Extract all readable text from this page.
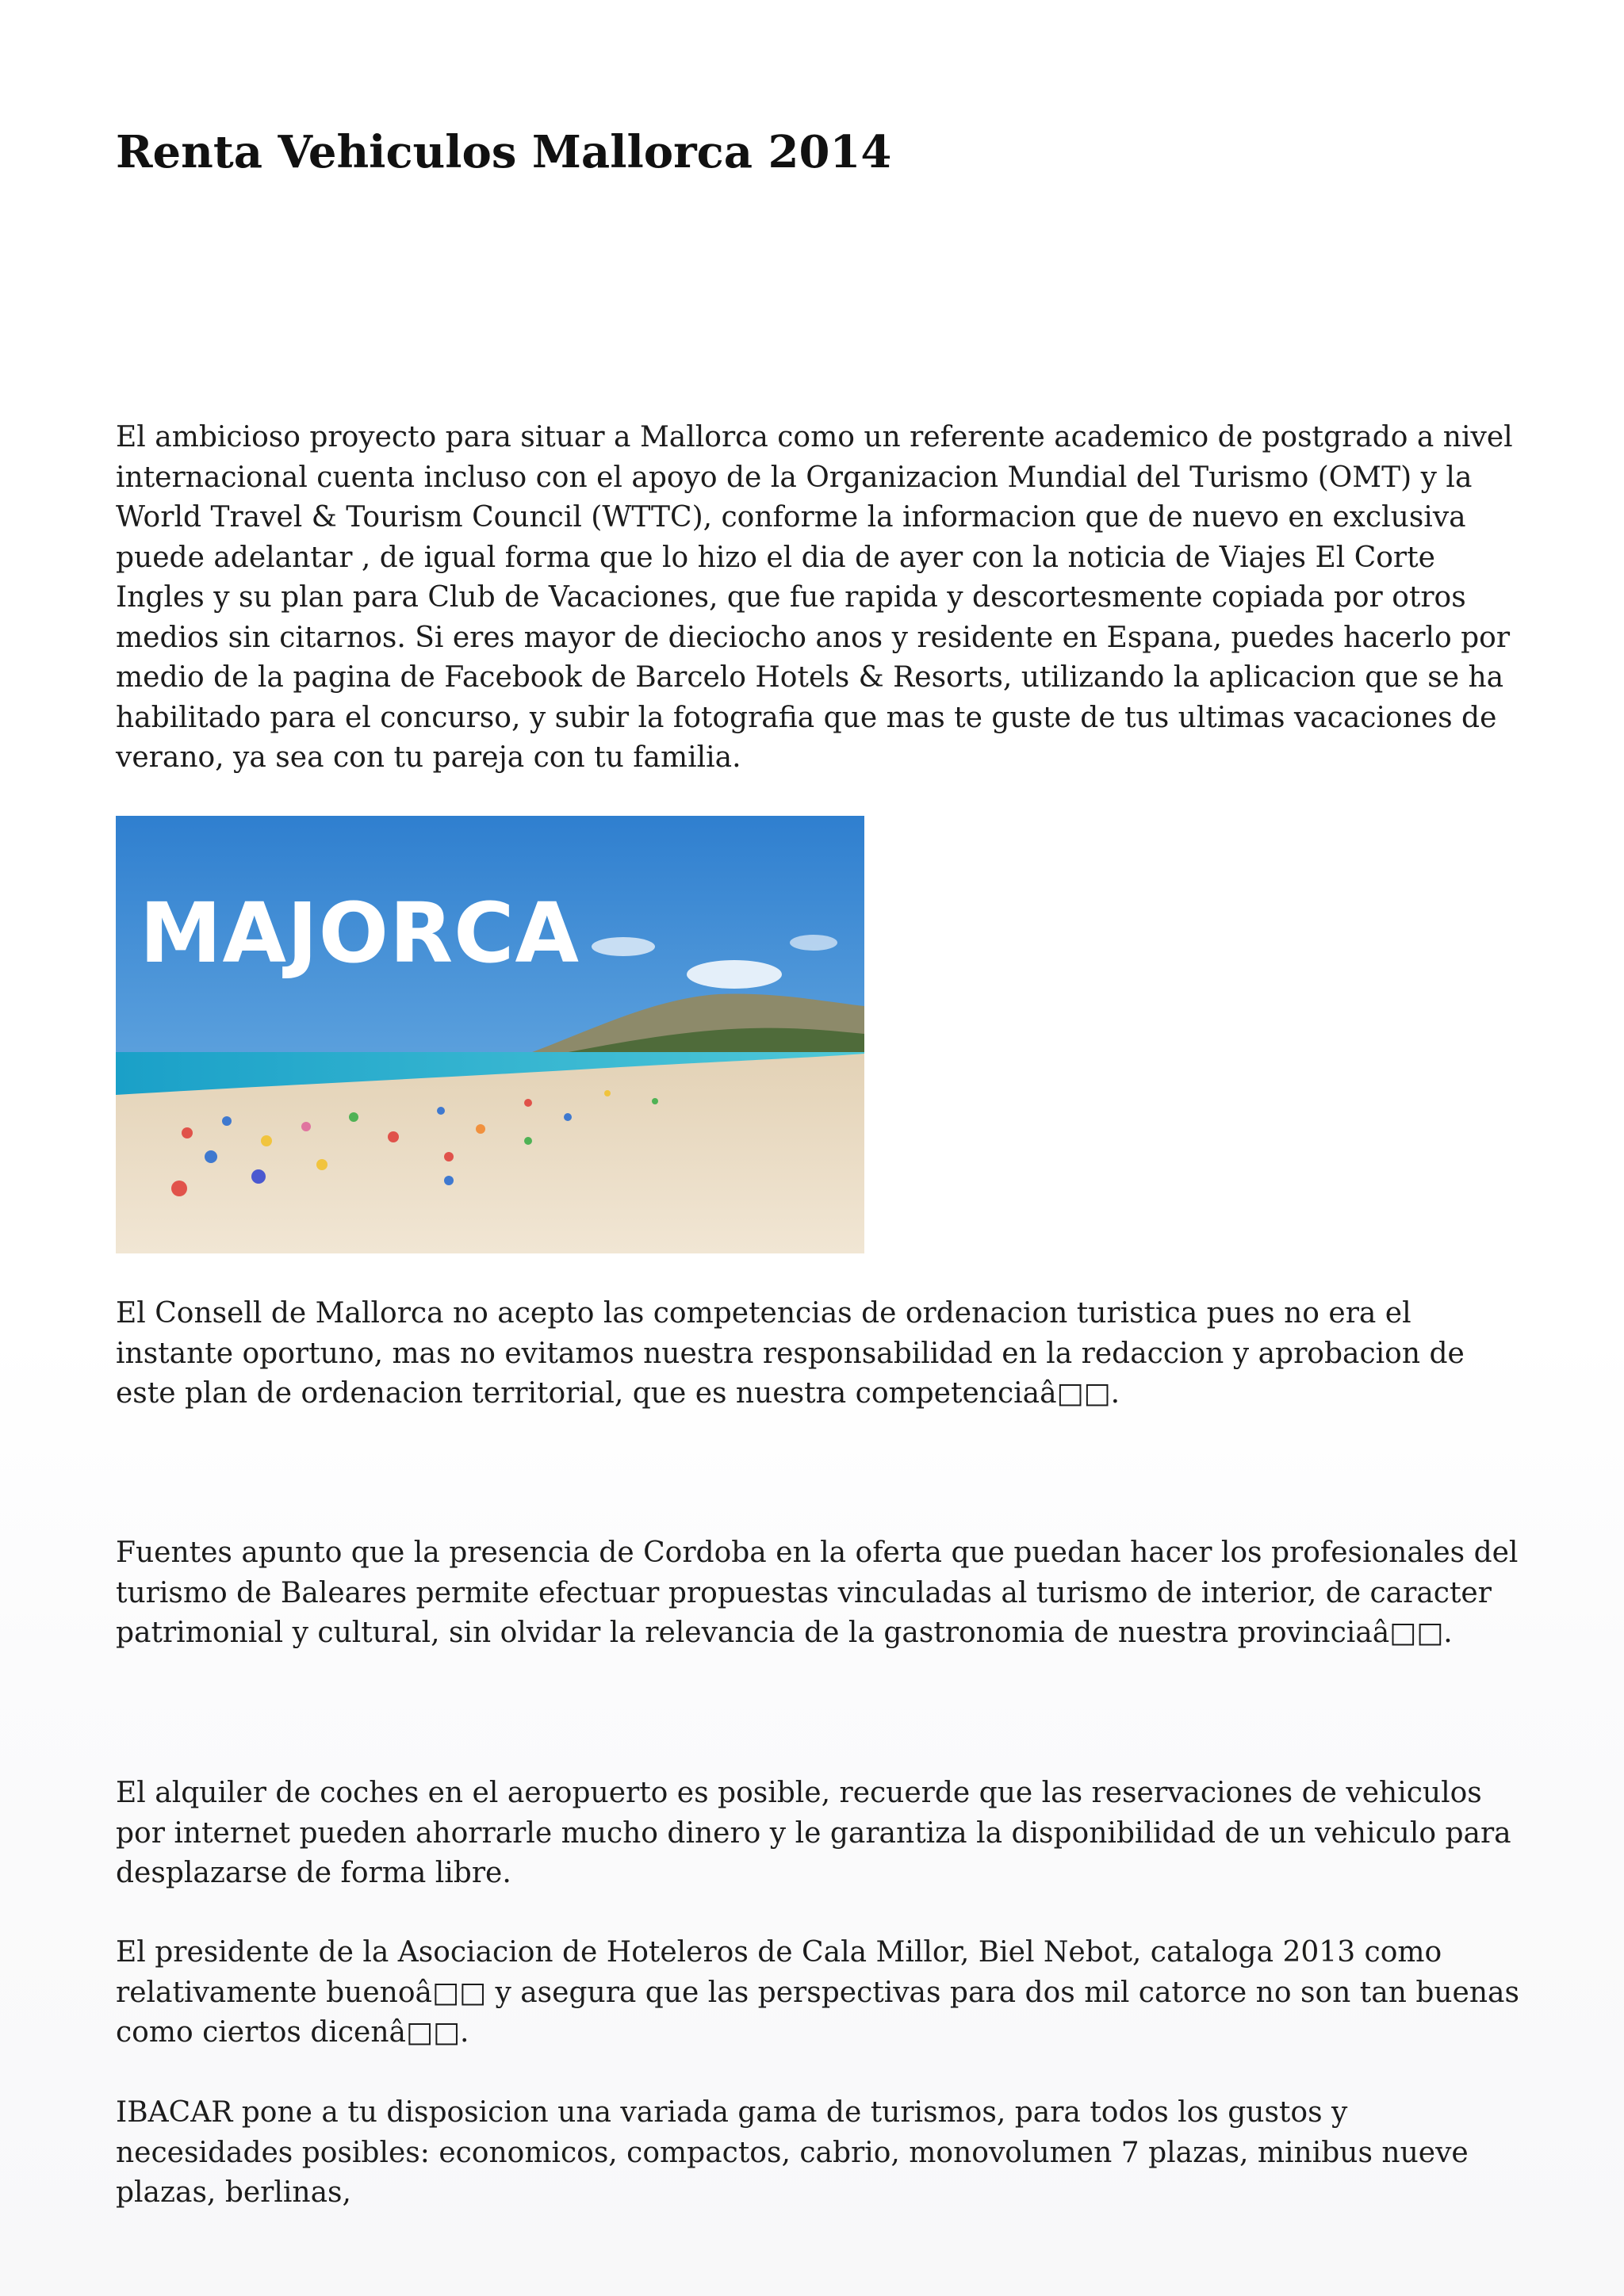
Renta Vehiculos Mallorca 2014

El ambicioso proyecto para situar a Mallorca como un referente academico de postgrado a nivel internacional cuenta incluso con el apoyo de la Organizacion Mundial del Turismo (OMT) y la World Travel & Tourism Council (WTTC), conforme la informacion que de nuevo en exclusiva puede adelantar , de igual forma que lo hizo el dia de ayer con la noticia de Viajes El Corte Ingles y su plan para Club de Vacaciones, que fue rapida y descortesmente copiada por otros medios sin citarnos. Si eres mayor de dieciocho anos y residente en Espana, puedes hacerlo por medio de la pagina de Facebook de Barcelo Hotels & Resorts, utilizando la aplicacion que se ha habilitado para el concurso, y subir la fotografia que mas te guste de tus ultimas vacaciones de verano, ya sea con tu pareja con tu familia.

MAJORCA

El Consell de Mallorca no acepto las competencias de ordenacion turistica pues no era el instante oportuno, mas no evitamos nuestra responsabilidad en la redaccion y aprobacion de este plan de ordenacion territorial, que es nuestra competenciaâ□□.

Fuentes apunto que la presencia de Cordoba en la oferta que puedan hacer los profesionales del turismo de Baleares permite efectuar propuestas vinculadas al turismo de interior, de caracter patrimonial y cultural, sin olvidar la relevancia de la gastronomia de nuestra provinciaâ□□.

El alquiler de coches en el aeropuerto es posible, recuerde que las reservaciones de vehiculos por internet pueden ahorrarle mucho dinero y le garantiza la disponibilidad de un vehiculo para desplazarse de forma libre.

El presidente de la Asociacion de Hoteleros de Cala Millor, Biel Nebot, cataloga 2013 como relativamente buenoâ□□ y asegura que las perspectivas para dos mil catorce no son tan buenas como ciertos dicenâ□□.

IBACAR pone a tu disposicion una variada gama de turismos, para todos los gustos y necesidades posibles: economicos, compactos, cabrio, monovolumen 7 plazas, minibus nueve plazas, berlinas,
